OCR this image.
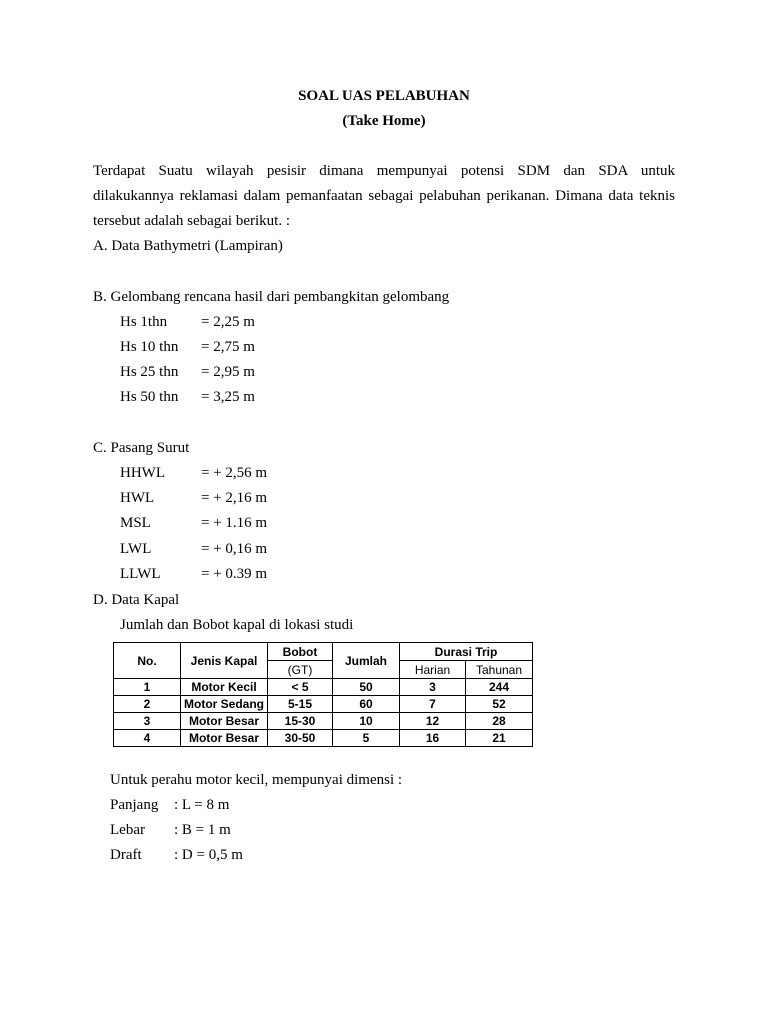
SOAL UAS PELABUHAN
(Take Home)
Terdapat Suatu wilayah pesisir dimana mempunyai potensi SDM dan SDA untuk
dilakukannya reklamasi dalam pemanfaatan sebagai pelabuhan perikanan. Dimana data teknis
tersebut adalah sebagai berikut. :
A. Data Bathymetri (Lampiran)
B. Gelombang rencana hasil dari pembangkitan gelombang
Hs 1thn = 2,25 m
Hs 10 thn = 2,75 m
Hs 25 thn = 2,95 m
Hs 50 thn = 3,25 m
C. Pasang Surut
HHWL = + 2,56 m
HWL	= + 2,16 m
MSL	= + 1.16 m
LWL	= + 0,16 m
LLWL	= + 0.39 m
D. Data Kapal
Jumlah dan Bobot kapal di lokasi studi
No.	Jenis Kapal	Bobot	Jumlah	Durasi Trip	
		(GT)		Harian	Tahunan
1	Motor Kecil	< 5	50	3	244
2	Motor Sedang	5-15	60	7	52
3	Motor Besar	15-30	10	12	28
4	Motor Besar	30-50	5	16	21
Untuk perahu motor kecil, mempunyai dimensi :
Panjang : L = 8 m
Lebar : B = 1 m
Draft : D = 0,5 m
